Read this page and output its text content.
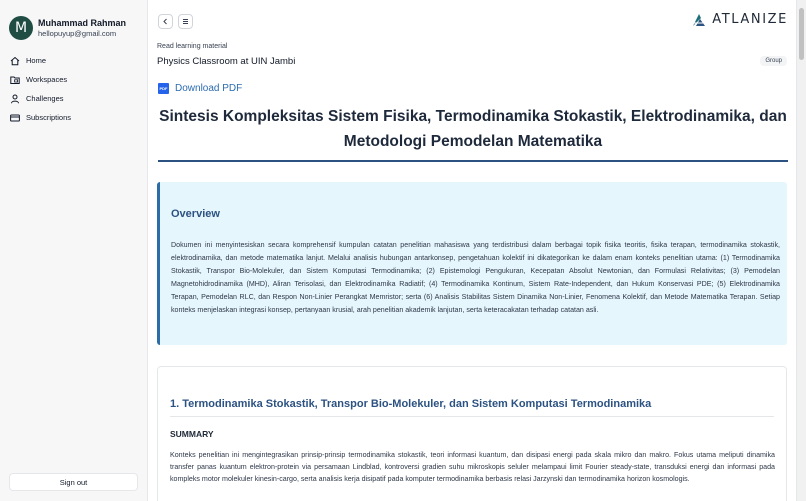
M	Muhammad Rahman
hellopuyup@gmail.com
Home
Workspaces
Challenges
Subscriptions
Sign out
ATLANIZE
Read learning material
Physics Classroom at UIN Jambi	Group
PDF Download PDF
Sintesis Kompleksitas Sistem Fisika, Termodinamika Stokastik, Elektrodinamika, dan Metodologi Pemodelan Matematika
Overview

Dokumen ini menyintesiskan secara komprehensif kumpulan catatan penelitian mahasiswa yang terdistribusi dalam berbagai topik fisika teoritis, fisika terapan, termodinamika stokastik, elektrodinamika, dan metode matematika lanjut. Melalui analisis hubungan antarkonsep, pengetahuan kolektif ini dikategorikan ke dalam enam konteks penelitian utama: (1) Termodinamika Stokastik, Transpor Bio-Molekuler, dan Sistem Komputasi Termodinamika; (2) Epistemologi Pengukuran, Kecepatan Absolut Newtonian, dan Formulasi Relativitas; (3) Pemodelan Magnetohidrodinamika (MHD), Aliran Terisolasi, dan Elektrodinamika Radiatif; (4) Termodinamika Kontinum, Sistem Rate-Independent, dan Hukum Konservasi PDE; (5) Elektrodinamika Terapan, Pemodelan RLC, dan Respon Non-Linier Perangkat Memristor; serta (6) Analisis Stabilitas Sistem Dinamika Non-Linier, Fenomena Kolektif, dan Metode Matematika Terapan. Setiap konteks menjelaskan integrasi konsep, pertanyaan krusial, arah penelitian akademik lanjutan, serta keteracakatan terhadap catatan asli.

1. Termodinamika Stokastik, Transpor Bio-Molekuler, dan Sistem Komputasi Termodinamika
SUMMARY

Konteks penelitian ini mengintegrasikan prinsip-prinsip termodinamika stokastik, teori informasi kuantum, dan disipasi energi pada skala mikro dan makro. Fokus utama meliputi dinamika transfer panas kuantum elektron-protein via persamaan Lindblad, kontroversi gradien suhu mikroskopis seluler melampaui limit Fourier steady-state, transduksi energi dan informasi pada kompleks motor molekuler kinesin-cargo, serta analisis kerja disipatif pada komputer termodinamika berbasis relasi Jarzynski dan termodinamika horizon kosmologis.
